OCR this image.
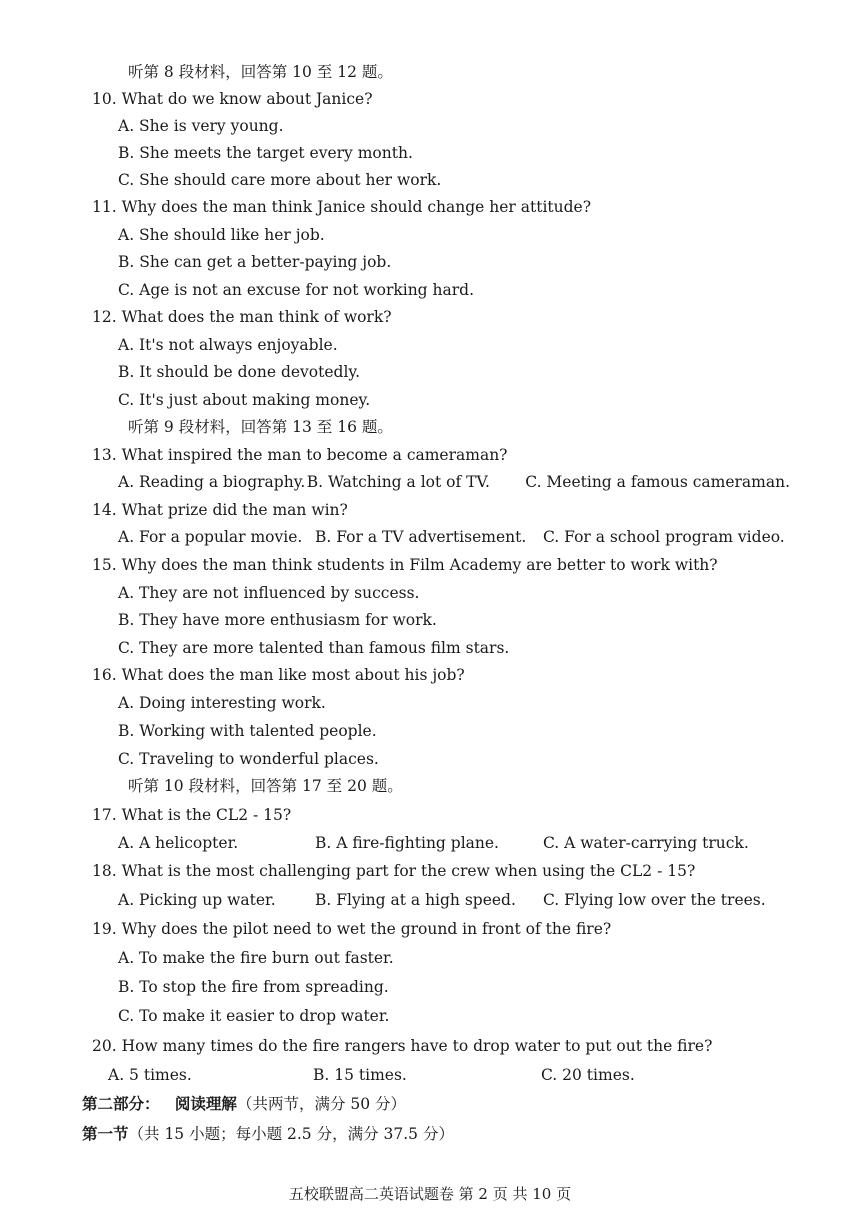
听第 8 段材料，回答第 10 至 12 题。
10. What do we know about Janice?
A. She is very young.
B. She meets the target every month.
C. She should care more about her work.
11. Why does the man think Janice should change her attitude?
A. She should like her job.
B. She can get a better-paying job.
C. Age is not an excuse for not working hard.
12. What does the man think of work?
A. It's not always enjoyable.
B. It should be done devotedly.
C. It's just about making money.
听第 9 段材料，回答第 13 至 16 题。
13. What inspired the man to become a cameraman?
A. Reading a biography. B. Watching a lot of TV.	C. Meeting a famous cameraman.
14. What prize did the man win?
A. For a popular movie. B. For a TV advertisement.	C. For a school program video.
15. Why does the man think students in Film Academy are better to work with?
A. They are not influenced by success.
B. They have more enthusiasm for work.
C. They are more talented than famous film stars.
16. What does the man like most about his job?
A. Doing interesting work.
B. Working with talented people.
C. Traveling to wonderful places.
听第 10 段材料，回答第 17 至 20 题。
17. What is the CL2 - 15?
A. A helicopter.	B. A fire-fighting plane.	C. A water-carrying truck.
18. What is the most challenging part for the crew when using the CL2 - 15?
A. Picking up water.	B. Flying at a high speed.	C. Flying low over the trees.
19. Why does the pilot need to wet the ground in front of the fire?
A. To make the fire burn out faster.
B. To stop the fire from spreading.
C. To make it easier to drop water.
20. How many times do the fire rangers have to drop water to put out the fire?
A. 5 times.	B. 15 times.	C. 20 times.
第二部分： 阅读理解（共两节，满分 50 分）
第一节（共 15 小题；每小题 2.5 分，满分 37.5 分）
五校联盟高二英语试题卷 第 2 页 共 10 页
